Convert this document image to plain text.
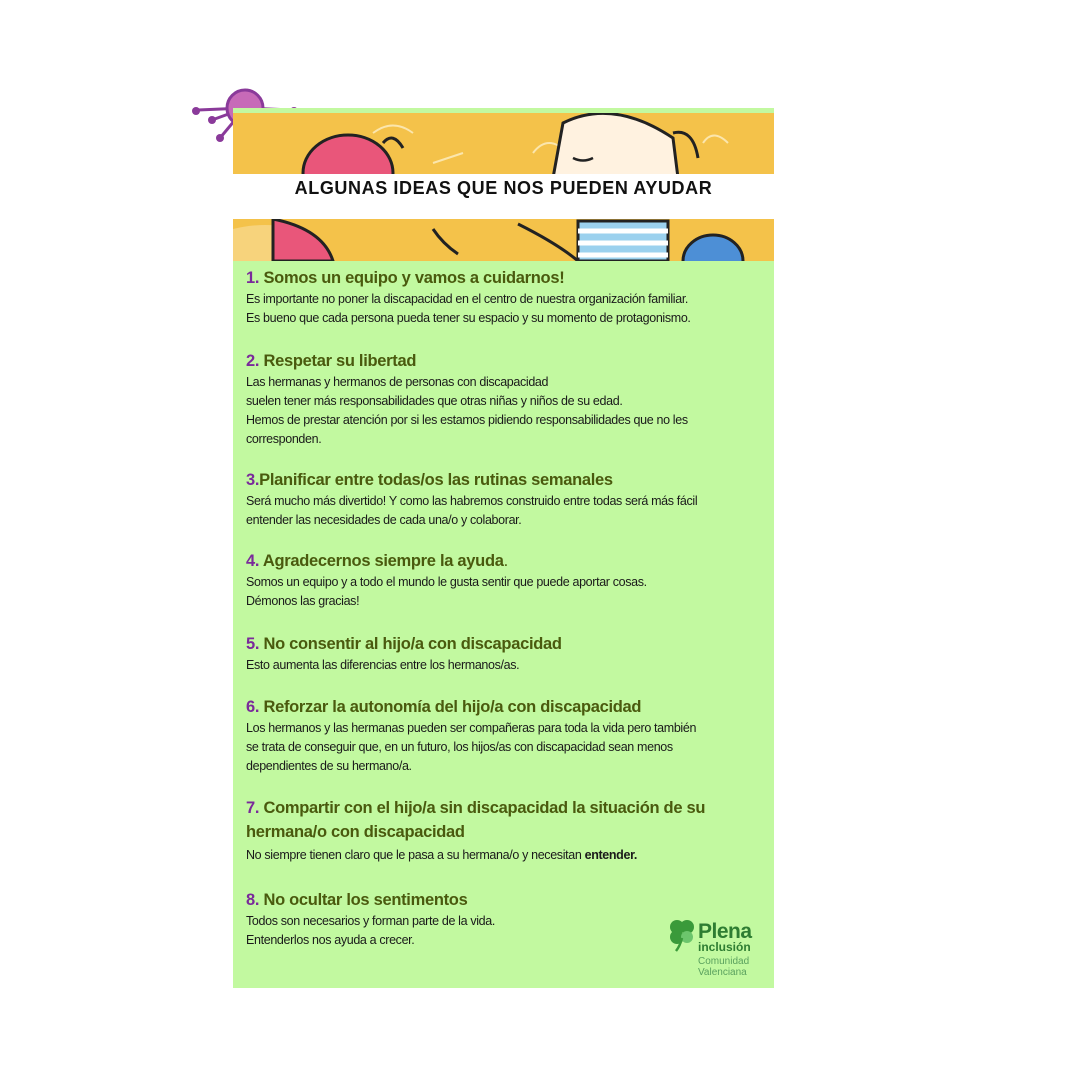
ALGUNAS IDEAS QUE NOS PUEDEN AYUDAR
1. Somos un equipo y vamos a cuidarnos!
Es importante no poner la discapacidad en el centro de nuestra organización familiar.
Es bueno que cada persona pueda tener su espacio y su momento de protagonismo.
2. Respetar su libertad
Las hermanas y hermanos de personas con discapacidad
suelen tener más responsabilidades que otras niñas y niños de su edad.
Hemos de prestar atención por si les estamos pidiendo responsabilidades que no les
corresponden.
3.Planificar entre todas/os las rutinas semanales
Será mucho más divertido! Y como las habremos construido entre todas será más fácil
entender las necesidades de cada una/o y colaborar.
4. Agradecernos siempre la ayuda.
Somos un equipo y a todo el mundo le gusta sentir que puede aportar cosas.
Démonos las gracias!
5. No consentir al hijo/a con discapacidad
Esto aumenta las diferencias entre los hermanos/as.
6. Reforzar la autonomía del hijo/a con discapacidad
Los hermanos y las hermanas pueden ser compañeras para toda la vida pero también
se trata de conseguir que, en un futuro, los hijos/as con discapacidad sean menos
dependientes de su hermano/a.
7. Compartir con el hijo/a sin discapacidad la situación de su
hermana/o con discapacidad
No siempre tienen claro que le pasa a su hermana/o y necesitan entender.
8. No ocultar los sentimentos
Todos son necesarios y forman parte de la vida.
Entenderlos nos ayuda a crecer.	Plena
inclusión
Comunidad
Valenciana
